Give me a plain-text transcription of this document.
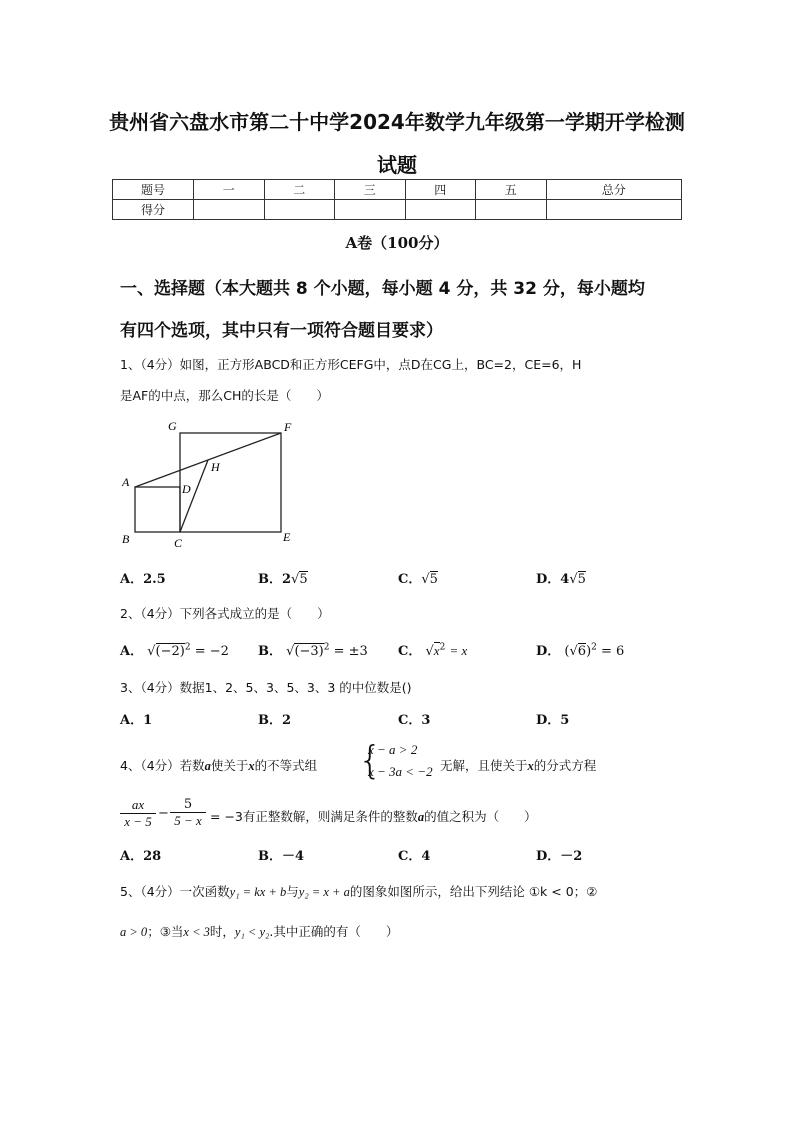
贵州省六盘水市第二十中学2024年数学九年级第一学期开学检测
试题
题号	一	二	三	四	五	总分
得分						
A卷（100分）
一、选择题（本大题共 8 个小题，每小题 4 分，共 32 分，每小题均
有四个选项，其中只有一项符合题目要求）
1、（4分）如图，正方形ABCD和正方形CEFG中，点D在CG上，BC=2，CE=6，H
是AF的中点，那么CH的长是（　　）
G	F
H
A	D
B	C	E
A．2.5	B．2√5	C．√5	D．4√5
2、（4分）下列各式成立的是（　　）
A． $√(-2)^2 = -2$ B． $√(-3)^2 = \pm 3$ C． $√x^2 = x$	D． $(√6)^2 = 6$
3、（4分）数据1、2、5、3、5、3、3 的中位数是()
A．1	B．2	C．3	D．5
4、（4分）若数a使关于x的不等式组 {
x − a > 2
x − 3a < −2 无解，且使关于x的分式方程
$\frac{ax}{x - 5} - \frac{5}{5 - x} = -3$有正整数解，则满足条件的整数a的值之积为（　　）
A．28	B．－4	C．4	D．－2
5、（4分）一次函数y₁ = kx + b与y₂ = x + a的图象如图所示，给出下列结论 ①k < 0；②
a > 0；③当x < 3时，y₁ < y₂.其中正确的有（　　）
